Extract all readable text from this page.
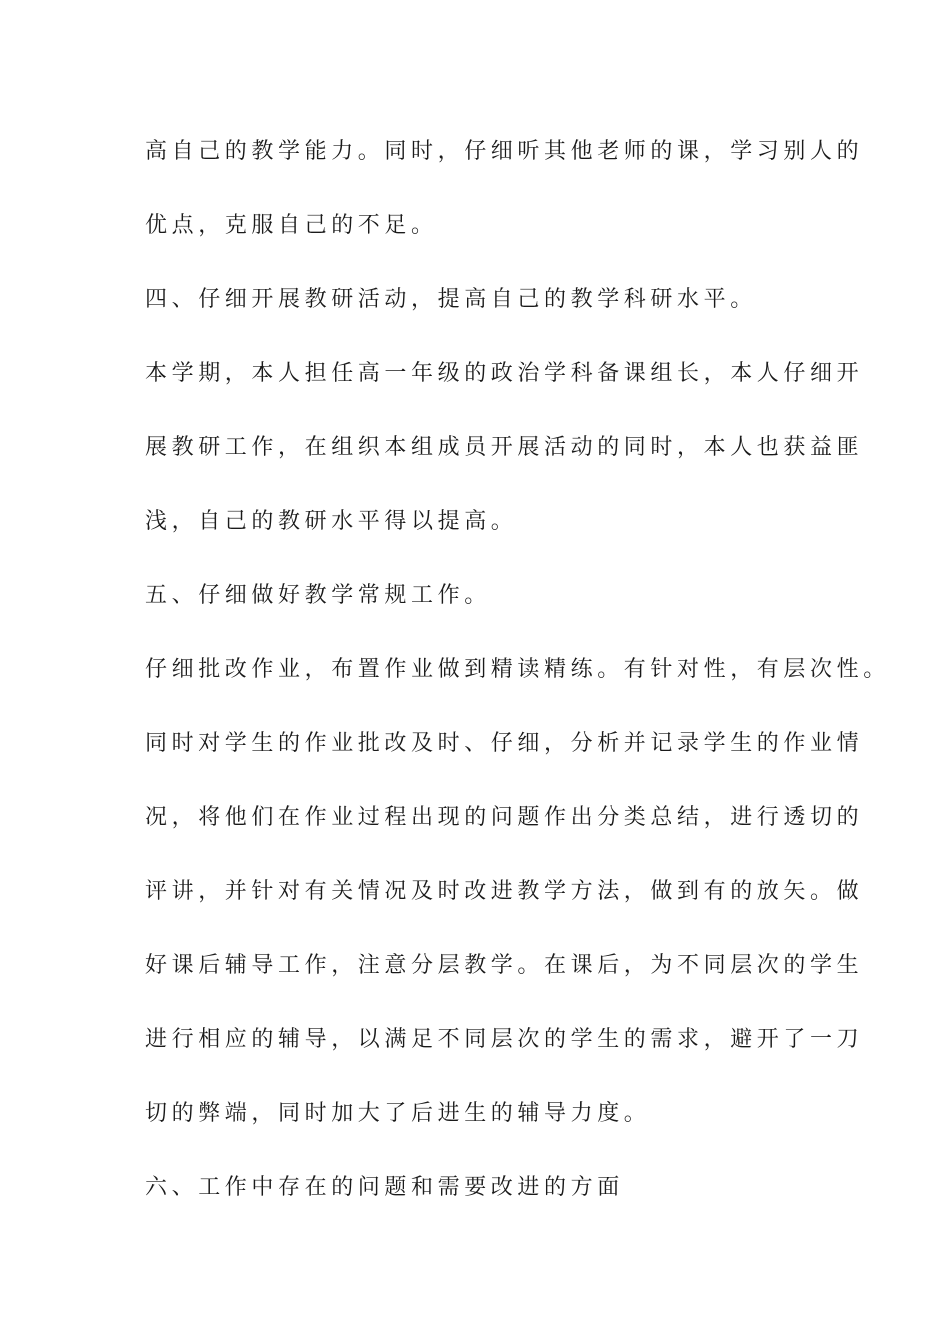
高自己的教学能力。同时，仔细听其他老师的课，学习别人的
优点，克服自己的不足。
四、仔细开展教研活动，提高自己的教学科研水平。
本学期，本人担任高一年级的政治学科备课组长，本人仔细开
展教研工作，在组织本组成员开展活动的同时，本人也获益匪
浅，自己的教研水平得以提高。
五、仔细做好教学常规工作。
仔细批改作业，布置作业做到精读精练。有针对性，有层次性。
同时对学生的作业批改及时、仔细，分析并记录学生的作业情
况，将他们在作业过程出现的问题作出分类总结，进行透切的
评讲，并针对有关情况及时改进教学方法，做到有的放矢。做
好课后辅导工作，注意分层教学。在课后，为不同层次的学生
进行相应的辅导，以满足不同层次的学生的需求，避开了一刀
切的弊端，同时加大了后进生的辅导力度。
六、工作中存在的问题和需要改进的方面
